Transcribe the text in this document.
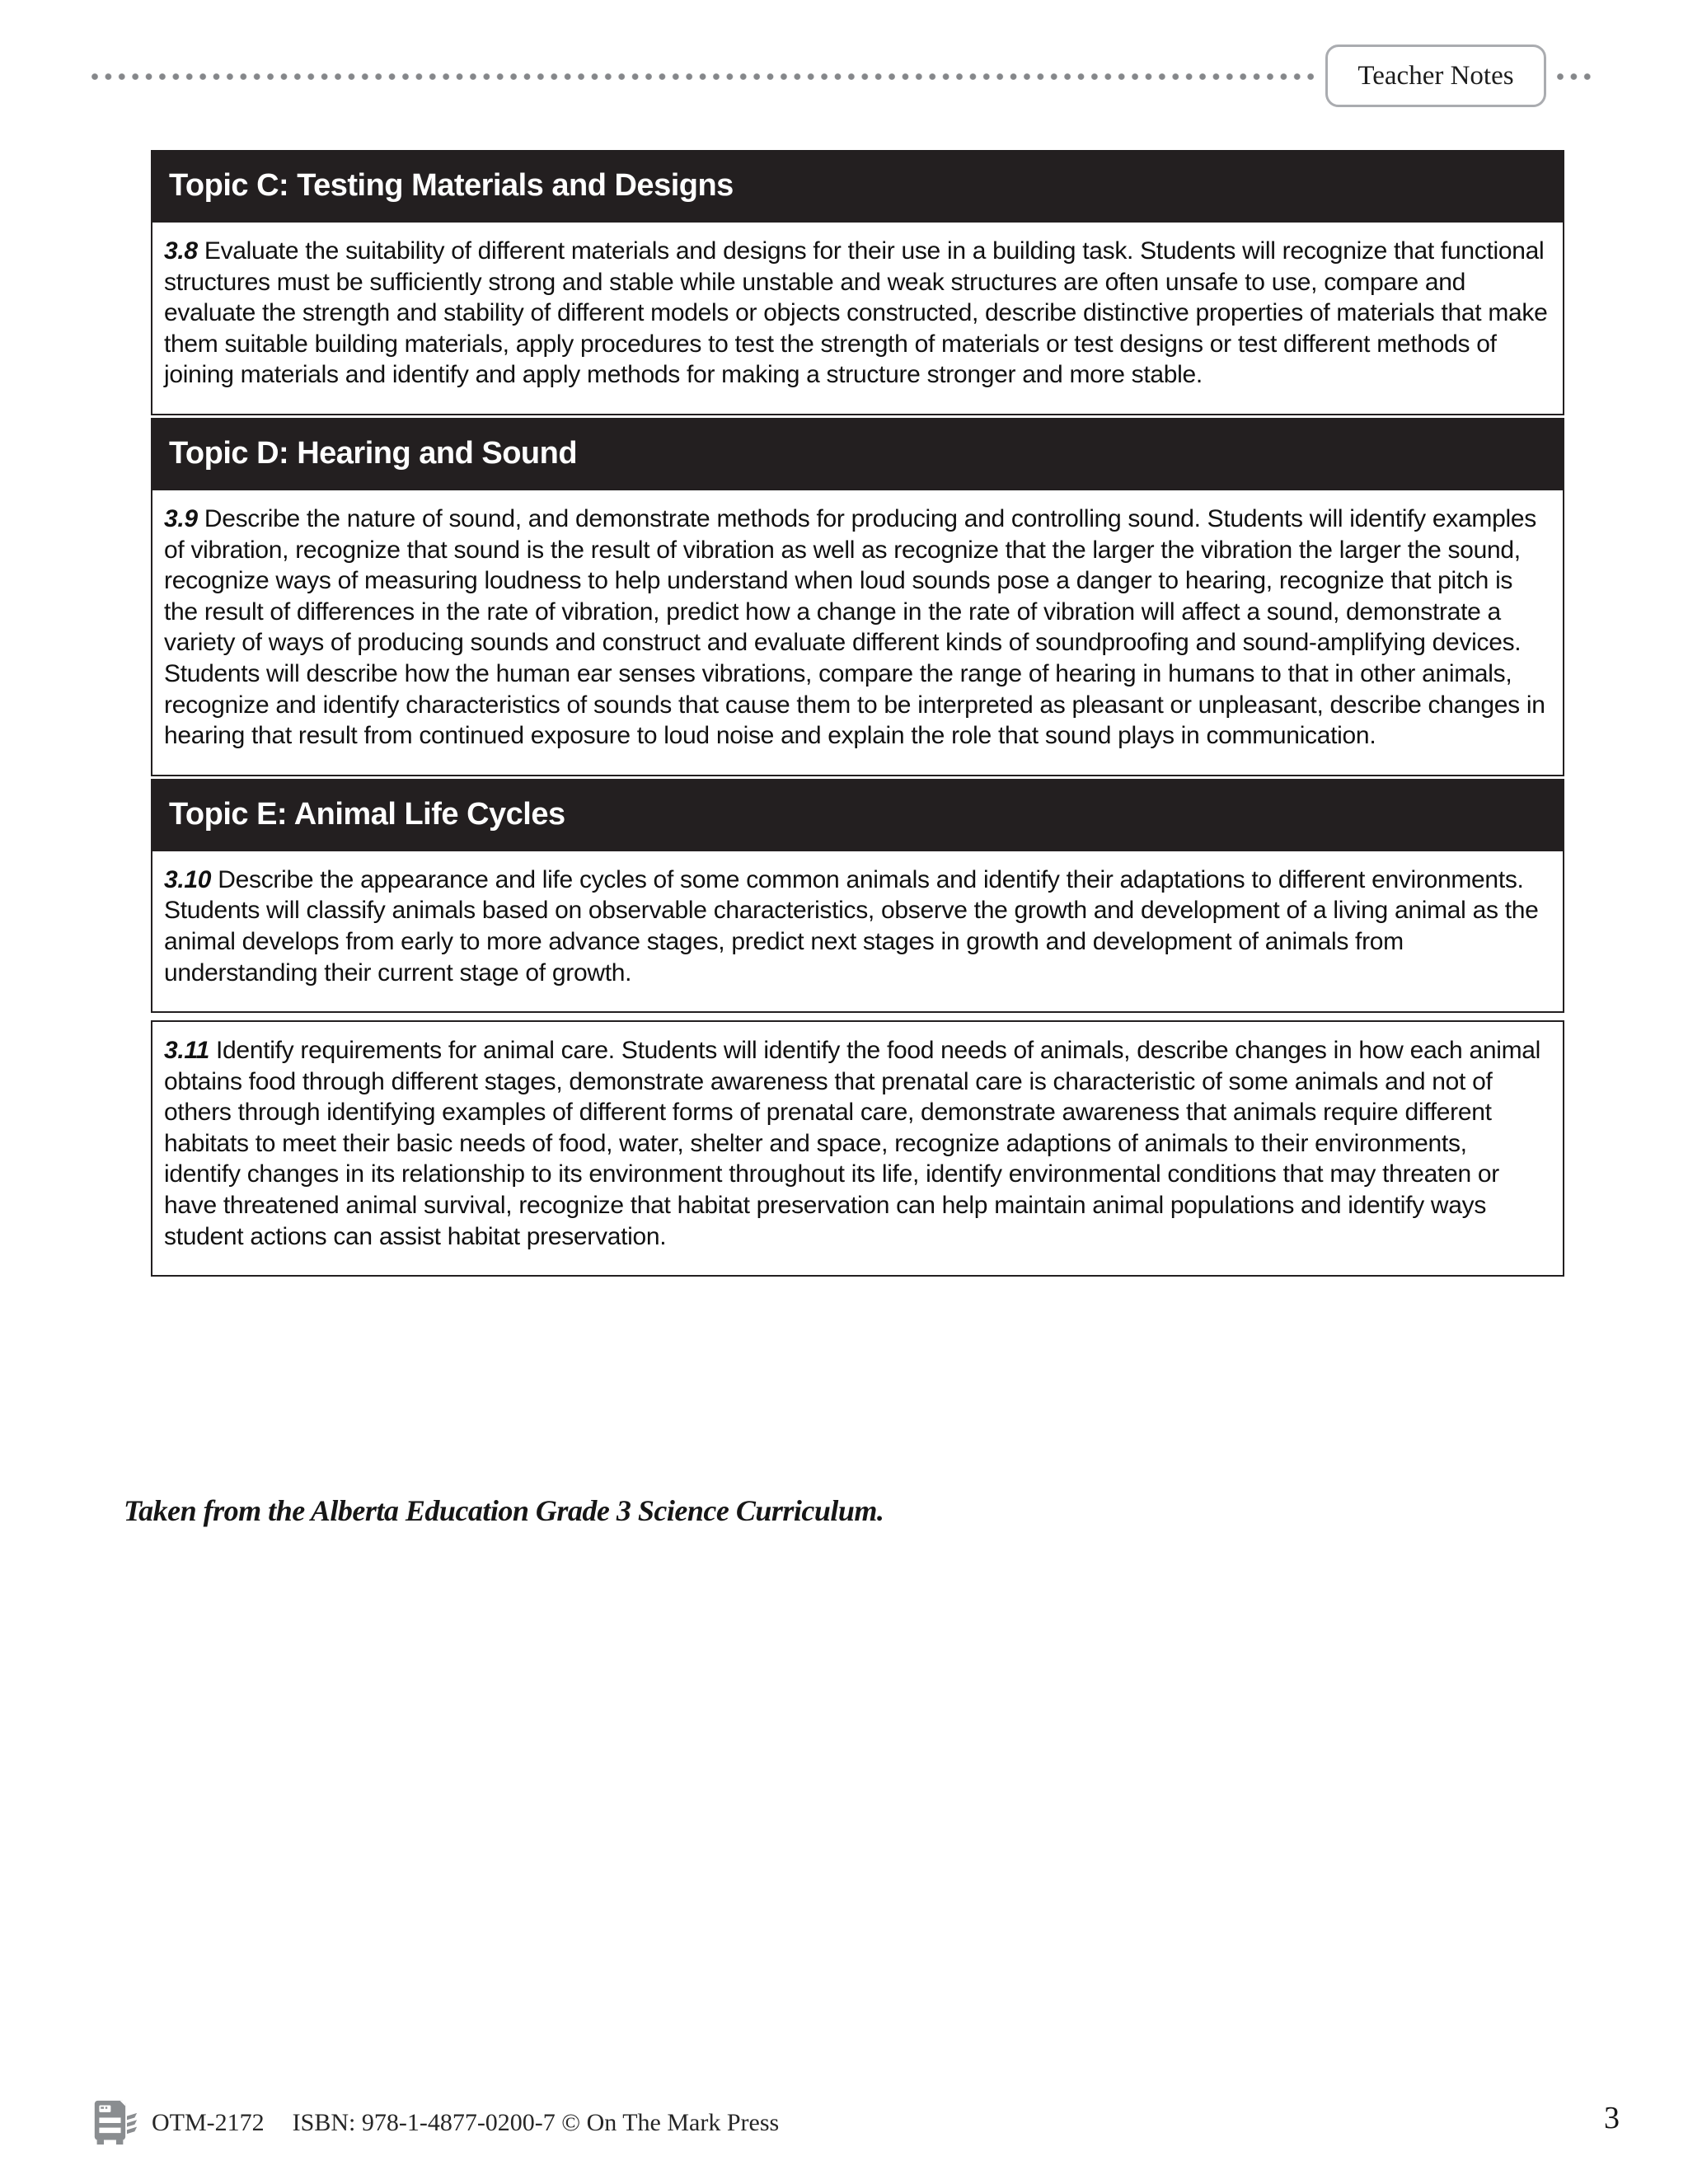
Teacher Notes
Topic C: Testing Materials and Designs

3.8 Evaluate the suitability of different materials and designs for their use in a building task. Students will recognize that functional structures must be sufficiently strong and stable while unstable and weak structures are often unsafe to use, compare and evaluate the strength and stability of different models or objects constructed, describe distinctive properties of materials that make them suitable building materials, apply procedures to test the strength of materials or test designs or test different methods of joining materials and identify and apply methods for making a structure stronger and more stable.

Topic D: Hearing and Sound

3.9 Describe the nature of sound, and demonstrate methods for producing and controlling sound. Students will identify examples of vibration, recognize that sound is the result of vibration as well as recognize that the larger the vibration the larger the sound, recognize ways of measuring loudness to help understand when loud sounds pose a danger to hearing, recognize that pitch is the result of differences in the rate of vibration, predict how a change in the rate of vibration will affect a sound, demonstrate a variety of ways of producing sounds and construct and evaluate different kinds of soundproofing and sound-amplifying devices. Students will describe how the human ear senses vibrations, compare the range of hearing in humans to that in other animals, recognize and identify characteristics of sounds that cause them to be interpreted as pleasant or unpleasant, describe changes in hearing that result from continued exposure to loud noise and explain the role that sound plays in communication.

Topic E: Animal Life Cycles

3.10 Describe the appearance and life cycles of some common animals and identify their adaptations to different environments. Students will classify animals based on observable characteristics, observe the growth and development of a living animal as the animal develops from early to more advance stages, predict next stages in growth and development of animals from understanding their current stage of growth.

3.11 Identify requirements for animal care. Students will identify the food needs of animals, describe changes in how each animal obtains food through different stages, demonstrate awareness that prenatal care is characteristic of some animals and not of others through identifying examples of different forms of prenatal care, demonstrate awareness that animals require different habitats to meet their basic needs of food, water, shelter and space, recognize adaptions of animals to their environments, identify changes in its relationship to its environment throughout its life, identify environmental conditions that may threaten or have threatened animal survival, recognize that habitat preservation can help maintain animal populations and identify ways student actions can assist habitat preservation.

Taken from the Alberta Education Grade 3 Science Curriculum.

OTM-2172 ISBN: 978-1-4877-0200-7 © On The Mark Press	3
